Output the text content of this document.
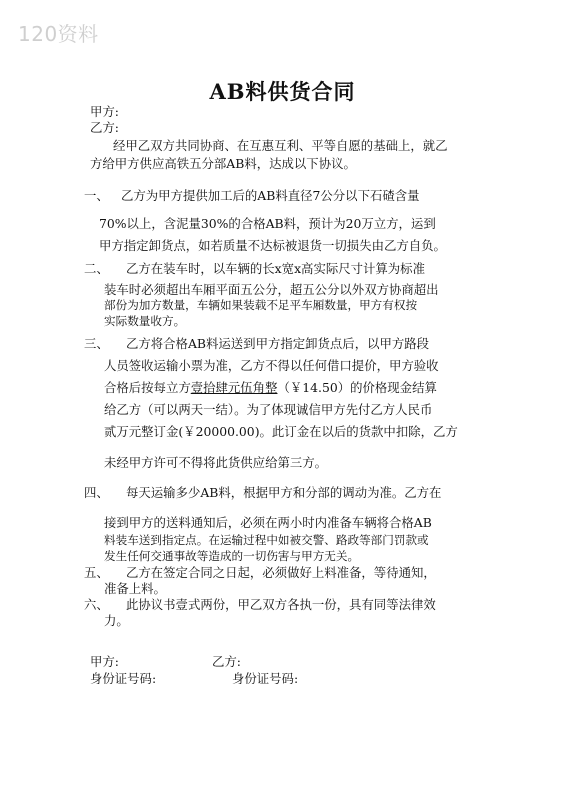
120资料
AB料供货合同

甲方:

乙方:

经甲乙双方共同协商、在互惠互利、平等自愿的基础上，就乙

方给甲方供应高铁五分部AB料，达成以下协议。

一、 乙方为甲方提供加工后的AB料直径7公分以下石碴含量
70%以上，含泥量30%的合格AB料，预计为20万立方，运到
甲方指定卸货点，如若质量不达标被退货一切损失由乙方自负。
二、 乙方在装车时，以车辆的长x宽x高实际尺寸计算为标准
装车时必须超出车厢平面五公分，超五公分以外双方协商超出
部份为加方数量，车辆如果装载不足平车厢数量，甲方有权按
实际数量收方。
三、 乙方将合格AB料运送到甲方指定卸货点后，以甲方路段
人员签收运输小票为准，乙方不得以任何借口提价，甲方验收
合格后按每立方壹拾肆元伍角整（￥14.50）的价格现金结算
给乙方（可以两天一结）。为了体现诚信甲方先付乙方人民币
贰万元整订金(￥20000.00)。此订金在以后的货款中扣除，乙方
未经甲方许可不得将此货供应给第三方。
四、 每天运输多少AB料，根据甲方和分部的调动为准。乙方在
接到甲方的送料通知后，必须在两小时内准备车辆将合格AB
料装车送到指定点。在运输过程中如被交警、路政等部门罚款或
发生任何交通事故等造成的一切伤害与甲方无关。
五、 乙方在签定合同之日起，必须做好上料准备，等待通知，
准备上料。
六、 此协议书壹式两份，甲乙双方各执一份，具有同等法律效
力。
甲方:	乙方:
身份证号码:	身份证号码:
